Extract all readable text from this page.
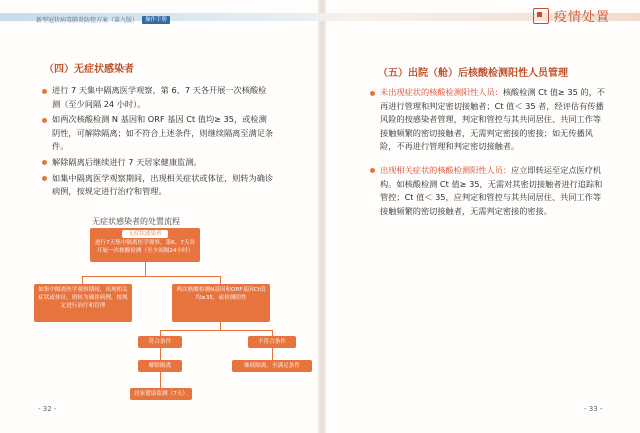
新型冠状病毒肺炎防控方案（第九版）	操作手册	疫情处置
（四）无症状感染者
进行 7 天集中隔离医学观察，第 6、7 天各开展一次核酸检测（至少间隔 24 小时）。
如两次核酸检测 N 基因和 ORF 基因 Ct 值均≥ 35，或检测阴性，可解除隔离；如不符合上述条件，则继续隔离至满足条件。
解除隔离后继续进行 7 天居家健康监测。
如集中隔离医学观察期间，出现相关症状或体征，则转为确诊病例，按规定进行治疗和管理。
无症状感染者的处置流程
无症状感染者
进行7天集中隔离医学观察，第6、7天各开展一次核酸检测（至少间隔24小时）
如集中隔离医学观察期间，出现相关症状或体征，则转为确诊病例，按规定进行治疗和管理
两次核酸检测N基因和ORF基因Ct值均≥35，或检测阴性
符合条件	不符合条件
解除隔离	继续隔离，至满足条件
居家健康监测（7天）
- 32 -
（五）出院（舱）后核酸检测阳性人员管理
未出现症状的核酸检测阳性人员：核酸检测 Ct 值≥ 35 的，不再进行管理和判定密切接触者；Ct 值＜ 35 者，经评估有传播风险的按感染者管理，判定和管控与其共同居住、共同工作等接触频繁的密切接触者，无需判定密接的密接；如无传播风险，不再进行管理和判定密切接触者。
出现相关症状的核酸检测阳性人员：应立即转运至定点医疗机构。如核酸检测 Ct 值≥ 35，无需对其密切接触者进行追踪和管控；Ct 值＜ 35，应判定和管控与其共同居住、共同工作等接触频繁的密切接触者，无需判定密接的密接。
- 33 -
